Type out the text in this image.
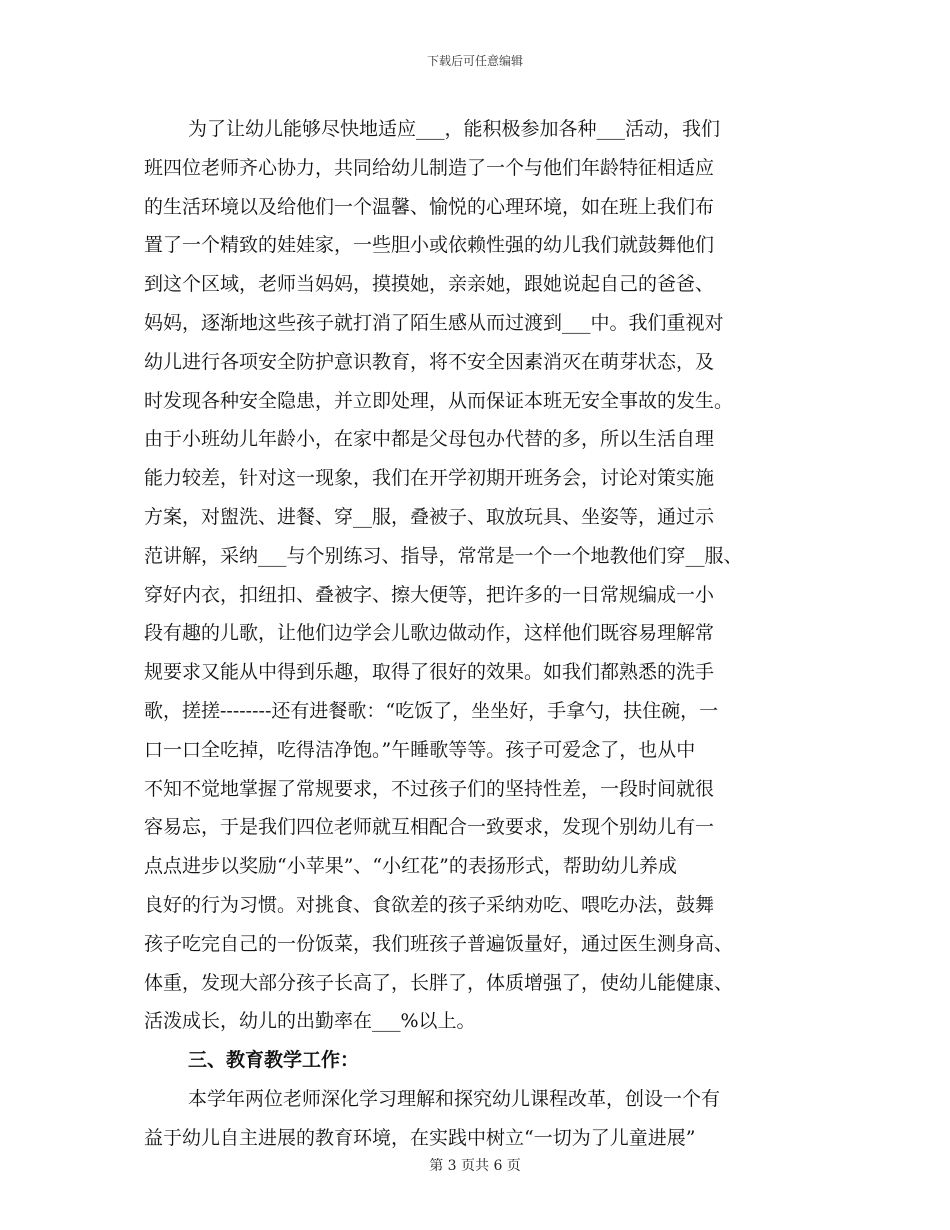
下载后可任意编辑
为了让幼儿能够尽快地适应___，能积极参加各种___活动，我们
班四位老师齐心协力，共同给幼儿制造了一个与他们年龄特征相适应
的生活环境以及给他们一个温馨、愉悦的心理环境，如在班上我们布
置了一个精致的娃娃家，一些胆小或依赖性强的幼儿我们就鼓舞他们
到这个区域，老师当妈妈，摸摸她，亲亲她，跟她说起自己的爸爸、
妈妈，逐渐地这些孩子就打消了陌生感从而过渡到___中。我们重视对
幼儿进行各项安全防护意识教育，将不安全因素消灭在萌芽状态，及
时发现各种安全隐患，并立即处理，从而保证本班无安全事故的发生。
由于小班幼儿年龄小，在家中都是父母包办代替的多，所以生活自理
能力较差，针对这一现象，我们在开学初期开班务会，讨论对策实施
方案，对盥洗、进餐、穿__服，叠被子、取放玩具、坐姿等，通过示
范讲解，采纳___与个别练习、指导，常常是一个一个地教他们穿__服、
穿好内衣，扣纽扣、叠被字、擦大便等，把许多的一日常规编成一小
段有趣的儿歌，让他们边学会儿歌边做动作，这样他们既容易理解常
规要求又能从中得到乐趣，取得了很好的效果。如我们都熟悉的洗手
歌，搓搓--------还有进餐歌：“吃饭了，坐坐好，手拿勺，扶住碗，一
口一口全吃掉，吃得洁净饱。”午睡歌等等。孩子可爱念了，也从中
不知不觉地掌握了常规要求，不过孩子们的坚持性差，一段时间就很
容易忘，于是我们四位老师就互相配合一致要求，发现个别幼儿有一
点点进步以奖励“小苹果”、“小红花”的表扬形式，帮助幼儿养成
良好的行为习惯。对挑食、食欲差的孩子采纳劝吃、喂吃办法，鼓舞
孩子吃完自己的一份饭菜，我们班孩子普遍饭量好，通过医生测身高、
体重，发现大部分孩子长高了，长胖了，体质增强了，使幼儿能健康、
活泼成长，幼儿的出勤率在___%以上。
三、教育教学工作：
本学年两位老师深化学习理解和探究幼儿课程改革，创设一个有
益于幼儿自主进展的教育环境，在实践中树立“一切为了儿童进展”
第 3 页共 6 页
